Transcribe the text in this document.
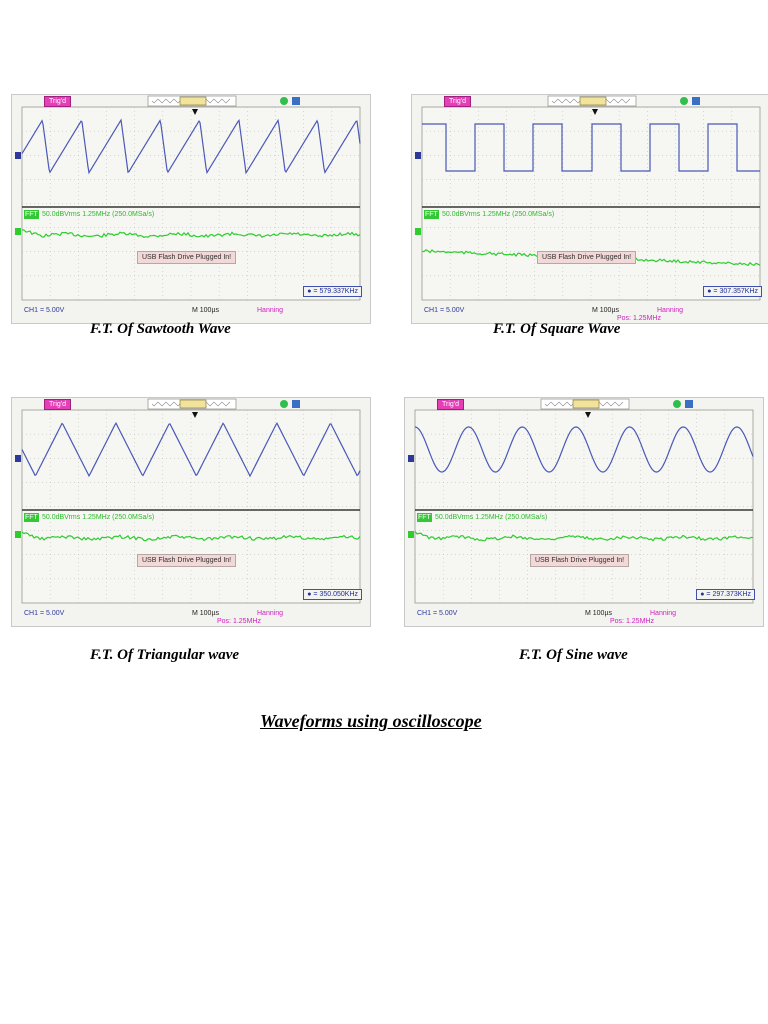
Trig'd
FFT 50.0dBVrms 1.25MHz (250.0MSa/s)
USB Flash Drive Plugged In!
● = 579.337KHz
CH1 = 5.00V	M 100µs	Hanning
F.T. Of Sawtooth Wave
Trig'd
FFT 50.0dBVrms 1.25MHz (250.0MSa/s)
USB Flash Drive Plugged In!
● = 307.357KHz
CH1 = 5.00V	M 100µs	Hanning
Pos: 1.25MHz
F.T. Of Square Wave
Trig'd
FFT 50.0dBVrms 1.25MHz (250.0MSa/s)
USB Flash Drive Plugged In!
● = 350.050KHz
CH1 = 5.00V	M 100µs	Hanning
Pos: 1.25MHz
F.T. Of Triangular wave
Trig'd
FFT 50.0dBVrms 1.25MHz (250.0MSa/s)
USB Flash Drive Plugged In!
● = 297.373KHz
CH1 = 5.00V	M 100µs	Hanning
Pos: 1.25MHz
F.T. Of Sine wave
Waveforms using oscilloscope
